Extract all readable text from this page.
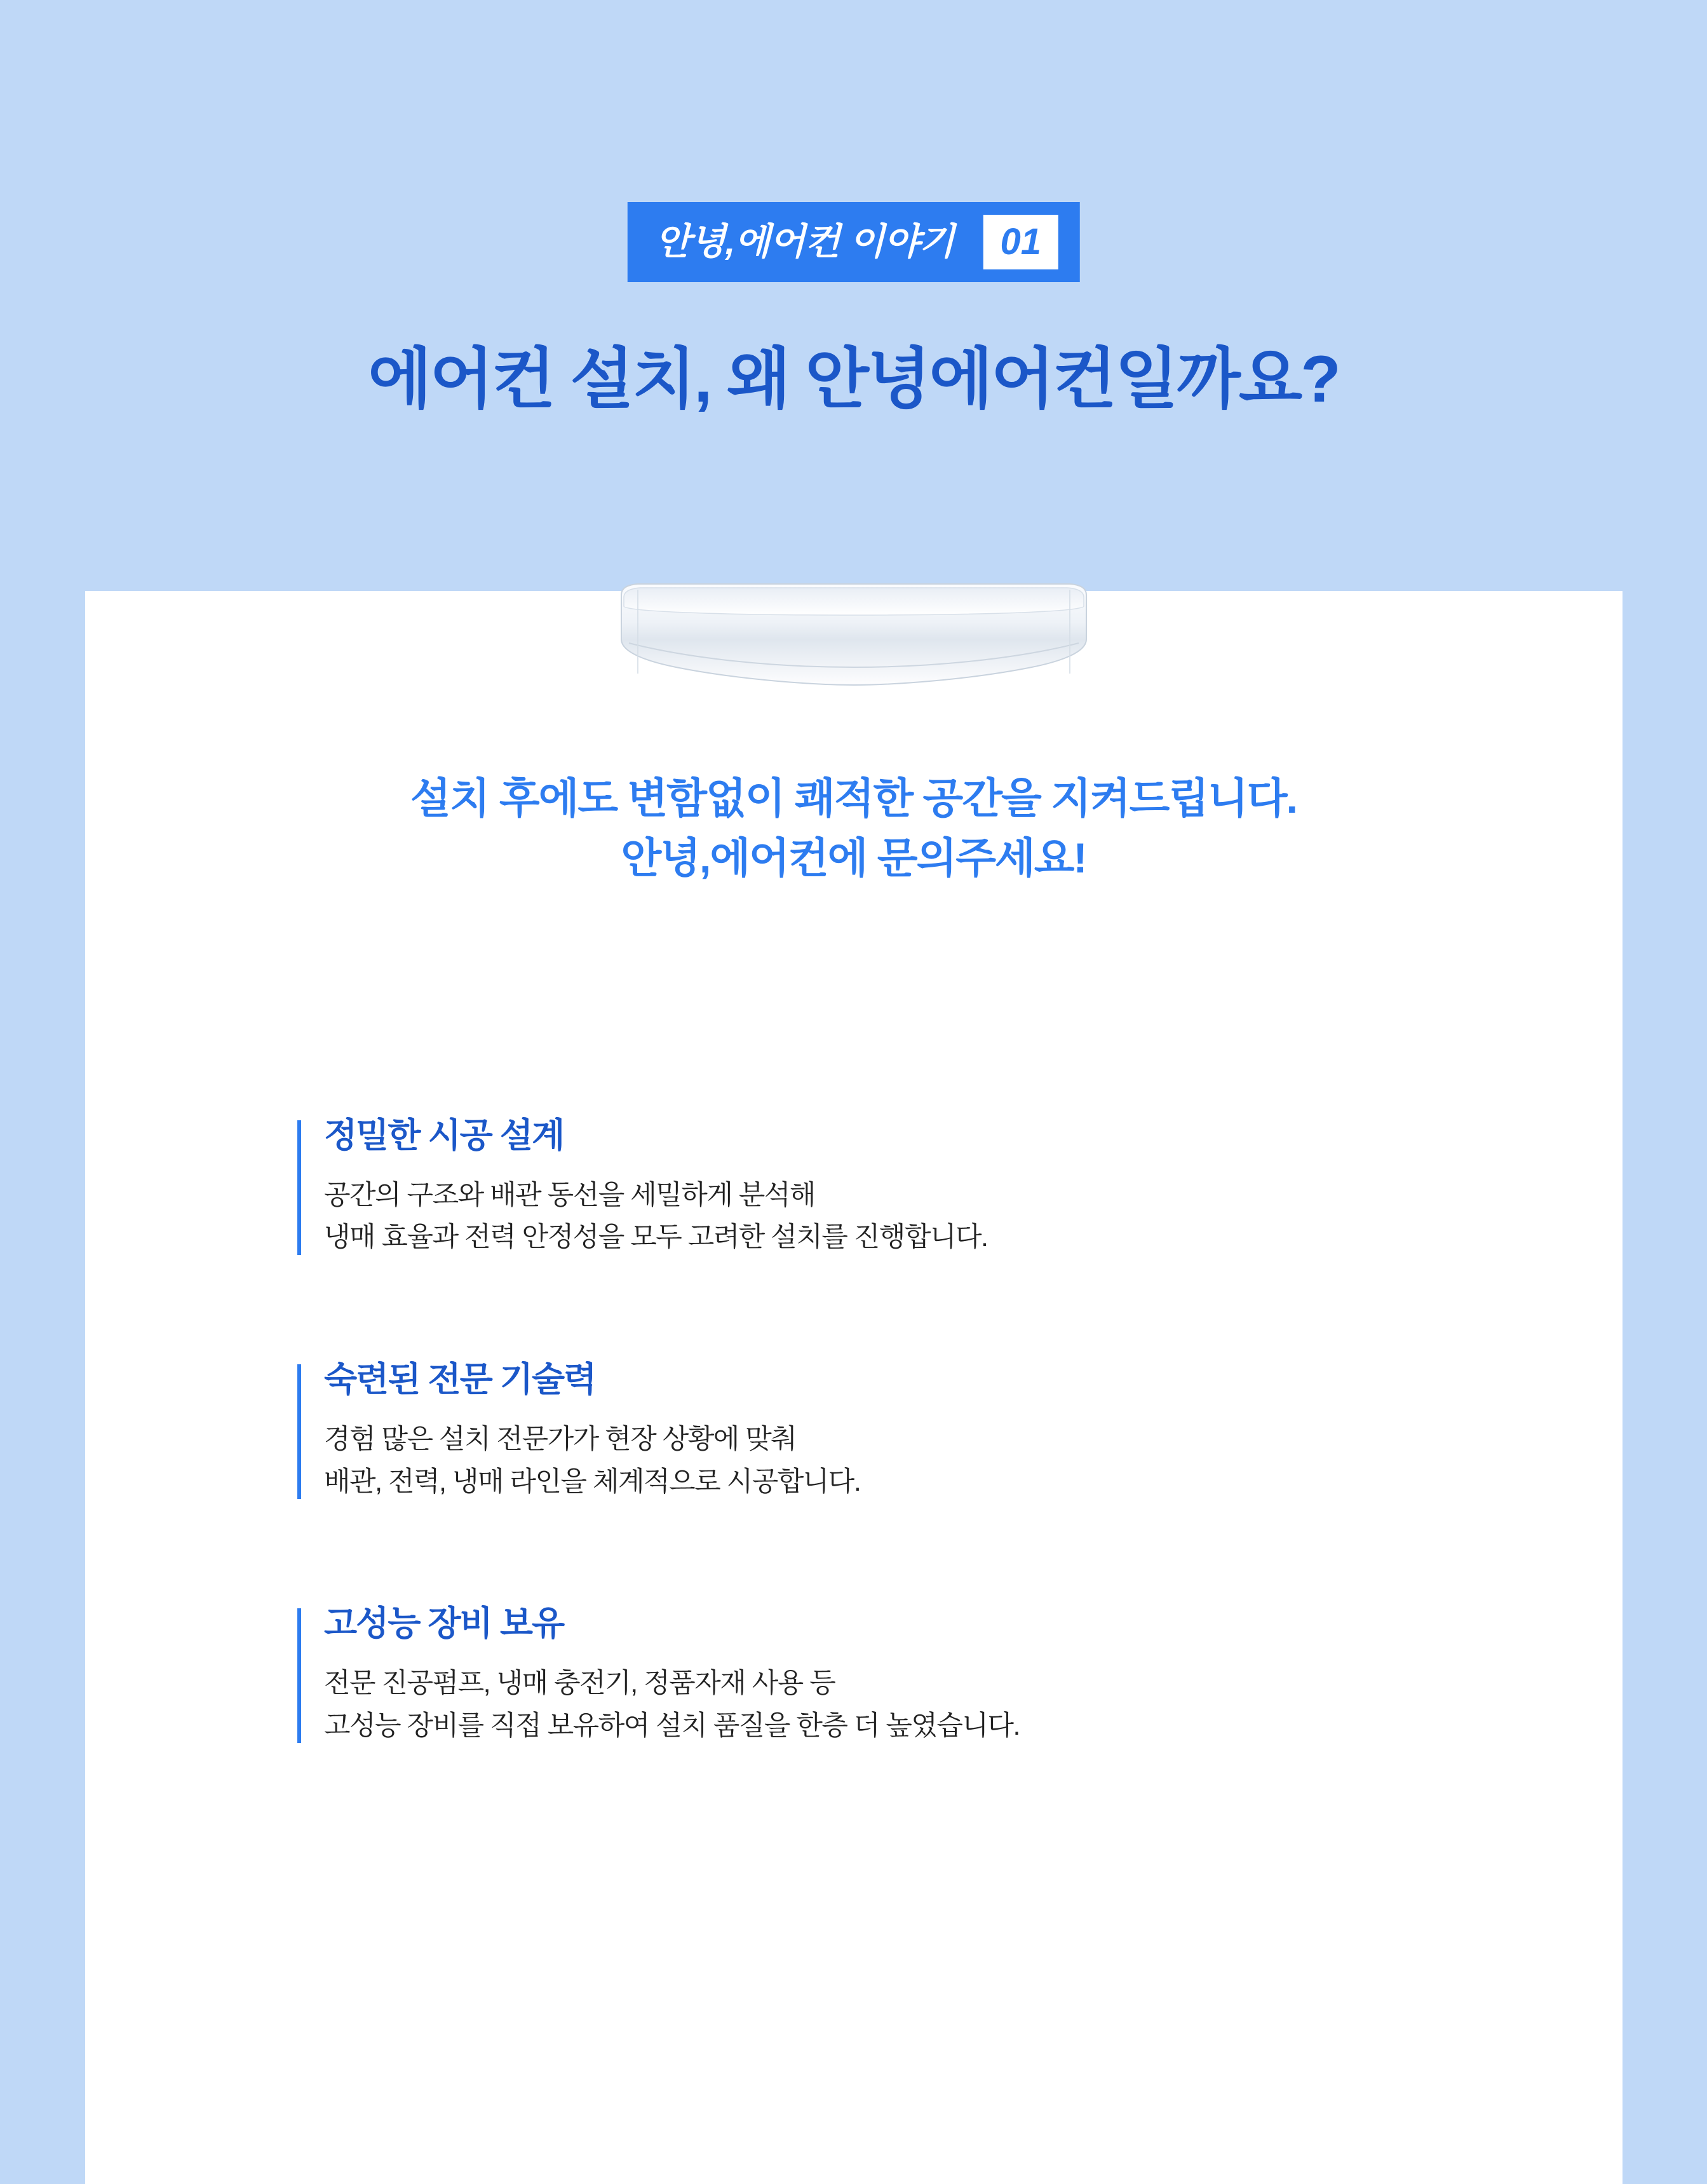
안녕,에어컨 이야기 01
에어컨 설치, 왜 안녕에어컨일까요?
설치 후에도 변함없이 쾌적한 공간을 지켜드립니다.
안녕,에어컨에 문의주세요!
정밀한 시공 설계
공간의 구조와 배관 동선을 세밀하게 분석해
냉매 효율과 전력 안정성을 모두 고려한 설치를 진행합니다.
숙련된 전문 기술력
경험 많은 설치 전문가가 현장 상황에 맞춰
배관, 전력, 냉매 라인을 체계적으로 시공합니다.
고성능 장비 보유
전문 진공펌프, 냉매 충전기, 정품자재 사용 등
고성능 장비를 직접 보유하여 설치 품질을 한층 더 높였습니다.
